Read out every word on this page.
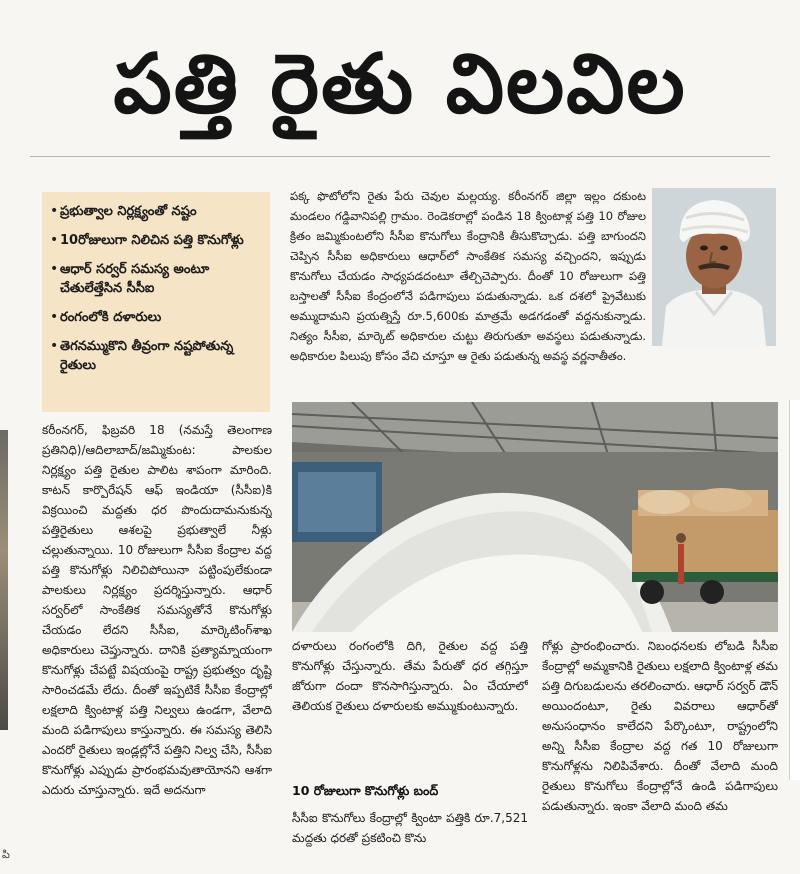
పి
పత్తి రైతు విలవిల
• ప్రభుత్వాల నిర్లక్ష్యంతో నష్టం
• 10రోజులుగా నిలిచిన పత్తి కొనుగోళ్లు
• ఆధార్ సర్వర్ సమస్య అంటూ చేతులేత్తేసిన సీసీఐ
• రంగంలోకి దళారులు
• తెగనమ్ముకొని తీవ్రంగా నష్టపోతున్న రైతులు
పక్క ఫొటోలోని రైతు పేరు చెవుల మల్లయ్య. కరీంనగర్ జిల్లా ఇల్లం దకుంట మండలం గడ్డివానిపల్లి గ్రామం. రెండెకరాల్లో పండిన 18 క్వింటాళ్ల పత్తి 10 రోజుల క్రితం జమ్మికుంటలోని సీసీఐ కొనుగోలు కేంద్రానికి తీసుకొచ్చాడు. పత్తి బాగుందని చెప్పిన సీసీఐ అధికారులు ఆధార్‌లో సాంకేతిక సమస్య వచ్చిందని, ఇప్పుడు కొనుగోలు చేయడం సాధ్యపడదంటూ తేల్చిచెప్పారు. దీంతో 10 రోజులుగా పత్తి బస్తాలతో సీసీఐ కేంద్రంలోనే పడిగాపులు పడుతున్నాడు. ఒక దశలో ప్రైవేటుకు అమ్ముదామని ప్రయత్నిస్తే రూ.5,600కు మాత్రమే అడగడంతో వద్దనుకున్నాడు. నిత్యం సీసీఐ, మార్కెట్ అధికారుల చుట్టు తిరుగుతూ అవస్థలు పడుతున్నాడు. అధికారుల పిలుపు కోసం వేచి చూస్తూ ఆ రైతు పడుతున్న అవస్థ వర్ణనాతీతం.
కరీంనగర్, ఫిబ్రవరి 18 (నమస్తే తెలంగాణ ప్రతినిధి)/ఆదిలాబాద్/జమ్మికుంట: పాలకుల నిర్లక్ష్యం పత్తి రైతుల పాలిట శాపంగా మారింది. కాటన్ కార్పొరేషన్ ఆఫ్ ఇండియా (సీసీఐ)కి విక్రయించి మద్దతు ధర పొందుదామనుకున్న పత్తిరైతులు ఆశలపై ప్రభుత్వాలే నీళ్లు చల్లుతున్నాయి. 10 రోజులుగా సీసీఐ కేంద్రాల వద్ద పత్తి కొనుగోళ్లు నిలిచిపోయినా పట్టింపులేకుండా పాలకులు నిర్లక్ష్యం ప్రదర్శిస్తున్నారు. ఆధార్ సర్వర్‌లో సాంకేతిక సమస్యతోనే కొనుగోళ్లు చేయడం లేదని సీసీఐ, మార్కెటింగ్‌శాఖ అధికారులు చెప్తున్నారు. దానికి ప్రత్యామ్నాయంగా కొనుగోళ్లు చేపట్టే విషయంపై రాష్ట్ర ప్రభుత్వం దృష్టి సారించడమే లేదు. దీంతో ఇప్పటికే సీసీఐ కేంద్రాల్లో లక్షలాది క్వింటాళ్ల పత్తి నిల్వలు ఉండగా, వేలాది మంది పడిగాపులు కాస్తున్నారు. ఈ సమస్య తెలిసి ఎందరో రైతులు ఇండ్లల్లోనే పత్తిని నిల్వ చేసి, సీసీఐ కొనుగోళ్లు ఎప్పుడు ప్రారంభమవుతాయోనని ఆశగా ఎదురు చూస్తున్నారు. ఇదే అదనుగా
దళారులు రంగంలోకి దిగి, రైతుల వద్ద పత్తి కొనుగోళ్లు చేస్తున్నారు. తేమ పేరుతో ధర తగ్గిస్తూ జోరుగా దందా కొనసాగిస్తున్నారు. ఏం చేయాలో తెలియక రైతులు దళారులకు అమ్ముకుంటున్నారు.
10 రోజులుగా కొనుగోళ్లు బంద్
సీసీఐ కొనుగోలు కేంద్రాల్లో క్వింటా పత్తికి రూ.7,521 మద్దతు ధరతో ప్రకటించి కొను
గోళ్లు ప్రారంభించారు. నిబంధనలకు లోబడి సీసీఐ కేంద్రాల్లో అమ్మకానికి రైతులు లక్షలాది క్వింటాళ్ల తమ పత్తి దిగుబడులను తరలించారు. ఆధార్ సర్వర్ డౌన్ అయిందంటూ, రైతు వివరాలు ఆధార్‌తో అనుసంధానం కాలేదని పేర్కొంటూ, రాష్ట్రంలోని అన్ని సీసీఐ కేంద్రాల వద్ద గత 10 రోజులుగా కొనుగోళ్లను నిలిపివేశారు. దీంతో వేలాది మంది రైతులు కొనుగోలు కేంద్రాల్లోనే ఉండి పడిగాపులు పడుతున్నారు. ఇంకా వేలాది మంది తమ
